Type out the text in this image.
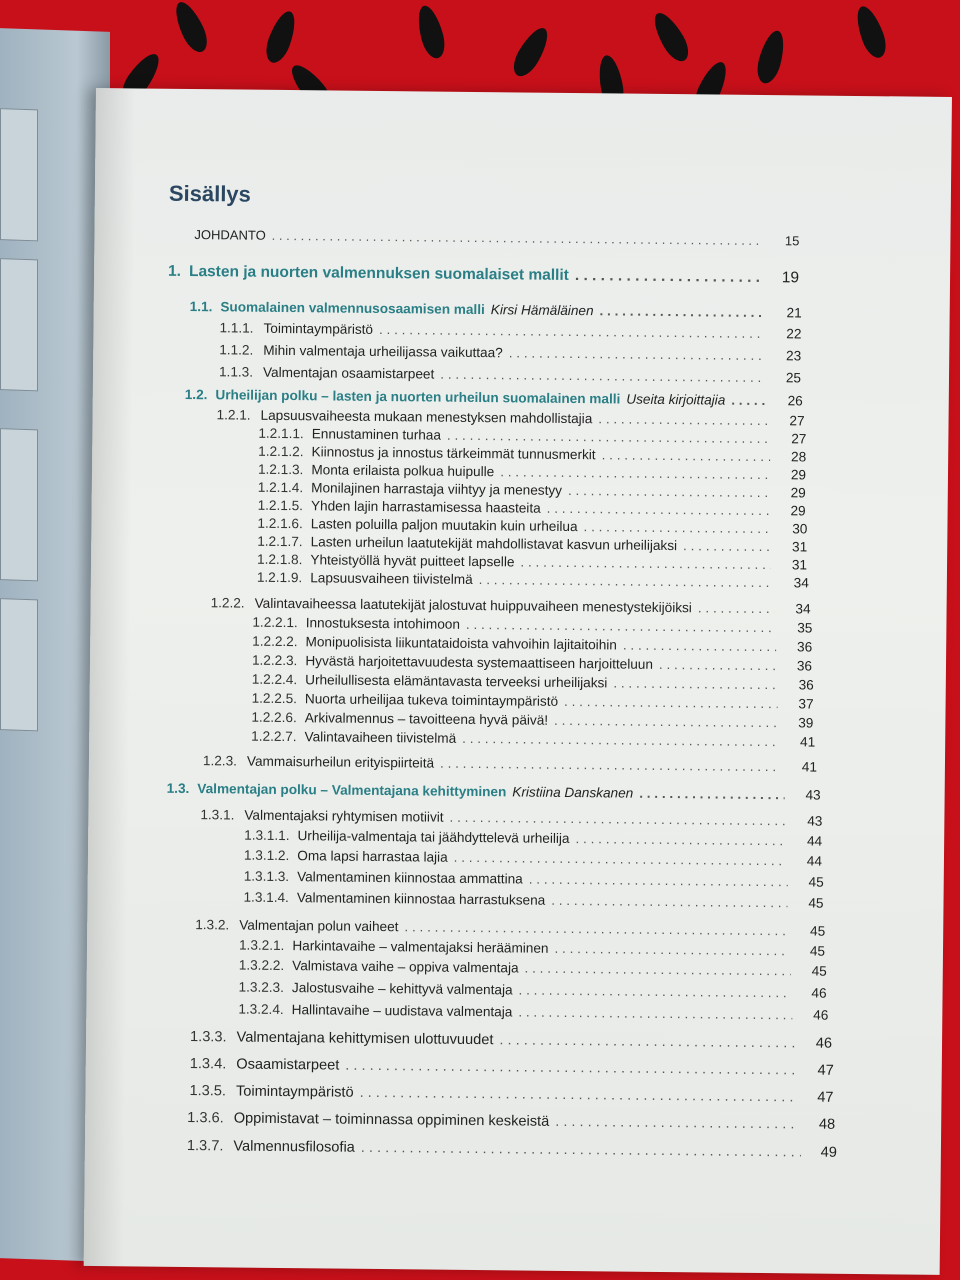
Sisällys
JOHDANTO . . .	15
1. Lasten ja nuorten valmennuksen suomalaiset mallit . . .	19
1.1. Suomalainen valmennusosaamisen malli Kirsi Hämäläinen . . .	21
1.1.1. Toimintaympäristö . . .	22
1.1.2. Mihin valmentaja urheilijassa vaikuttaa? . . .	23
1.1.3. Valmentajan osaamistarpeet . . .	25
1.2. Urheilijan polku – lasten ja nuorten urheilun suomalainen malli Useita kirjoittajia . . .	26
1.2.1. Lapsuusvaiheesta mukaan menestyksen mahdollistajia . . .	27
1.2.1.1. Ennustaminen turhaa . . .	27
1.2.1.2. Kiinnostus ja innostus tärkeimmät tunnusmerkit . . .	28
1.2.1.3. Monta erilaista polkua huipulle . . .	29
1.2.1.4. Monilajinen harrastaja viihtyy ja menestyy . . .	29
1.2.1.5. Yhden lajin harrastamisessa haasteita . . .	29
1.2.1.6. Lasten poluilla paljon muutakin kuin urheilua . . .	30
1.2.1.7. Lasten urheilun laatutekijät mahdollistavat kasvun urheilijaksi . . .	31
1.2.1.8. Yhteistyöllä hyvät puitteet lapselle . . .	31
1.2.1.9. Lapsuusvaiheen tiivistelmä . . .	34
1.2.2. Valintavaiheessa laatutekijät jalostuvat huippuvaiheen menestystekijöiksi . . .	34
1.2.2.1. Innostuksesta intohimoon . . .	35
1.2.2.2. Monipuolisista liikuntataidoista vahvoihin lajitaitoihin . . .	36
1.2.2.3. Hyvästä harjoitettavuudesta systemaattiseen harjoitteluun . . .	36
1.2.2.4. Urheilullisesta elämäntavasta terveeksi urheilijaksi . . .	36
1.2.2.5. Nuorta urheilijaa tukeva toimintaympäristö . . .	37
1.2.2.6. Arkivalmennus – tavoitteena hyvä päivä! . . .	39
1.2.2.7. Valintavaiheen tiivistelmä . . .	41
1.2.3. Vammaisurheilun erityispiirteitä . . .	41
1.3. Valmentajan polku – Valmentajana kehittyminen Kristiina Danskanen . . .	43
1.3.1. Valmentajaksi ryhtymisen motiivit . . .	43
1.3.1.1. Urheilija-valmentaja tai jäähdyttelevä urheilija . . .	44
1.3.1.2. Oma lapsi harrastaa lajia . . .	44
1.3.1.3. Valmentaminen kiinnostaa ammattina . . .	45
1.3.1.4. Valmentaminen kiinnostaa harrastuksena . . .	45
1.3.2. Valmentajan polun vaiheet . . .	45
1.3.2.1. Harkintavaihe – valmentajaksi herääminen . . .	45
1.3.2.2. Valmistava vaihe – oppiva valmentaja . . .	45
1.3.2.3. Jalostusvaihe – kehittyvä valmentaja . . .	46
1.3.2.4. Hallintavaihe – uudistava valmentaja . . .	46
1.3.3. Valmentajana kehittymisen ulottuvuudet . . .	46
1.3.4. Osaamistarpeet . . .	47
1.3.5. Toimintaympäristö . . .	47
1.3.6. Oppimistavat – toiminnassa oppiminen keskeistä . . .	48
1.3.7. Valmennusfilosofia . . .	49
